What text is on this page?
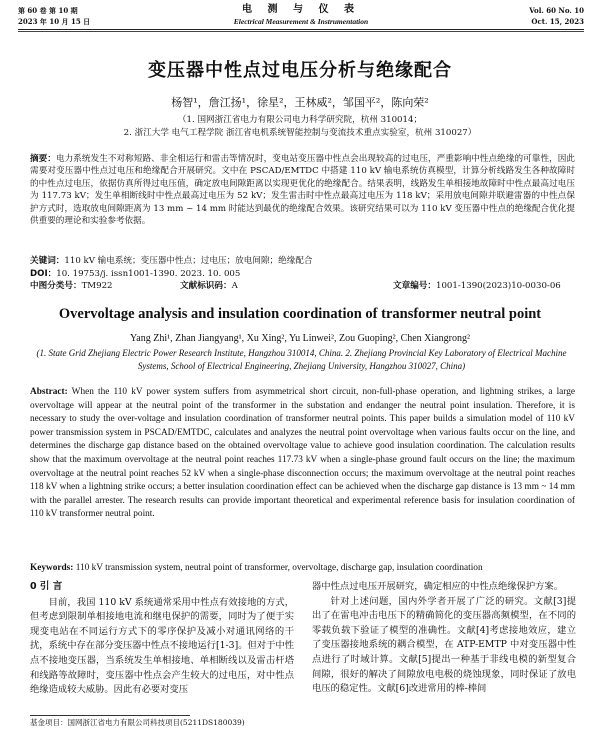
第 60 卷 第 10 期	电 测 与 仪 表	Vol. 60 No. 10
2023 年 10 月 15 日	Electrical Measurement & Instrumentation	Oct. 15, 2023
变压器中性点过电压分析与绝缘配合
杨智¹，詹江扬¹，徐星²，王林威²，邹国平²，陈向荣²
（1. 国网浙江省电力有限公司电力科学研究院，杭州 310014；
2. 浙江大学 电气工程学院 浙江省电机系统智能控制与变流技术重点实验室，杭州 310027）
摘要：电力系统发生不对称短路、非全相运行和雷击等情况时，变电站变压器中性点会出现较高的过电压，严重影响中性点绝缘的可靠性，因此需要对变压器中性点过电压和绝缘配合开展研究。文中在 PSCAD/EMTDC 中搭建 110 kV 输电系统仿真模型，计算分析线路发生各种故障时的中性点过电压，依据仿真所得过电压值，确定放电间隙距离以实现更优化的绝缘配合。结果表明，线路发生单相接地故障时中性点最高过电压为 117.73 kV；发生单相断线时中性点最高过电压为 52 kV；发生雷击时中性点最高过电压为 118 kV；采用放电间隙并联避雷器的中性点保护方式时，选取放电间隙距离为 13 mm ~ 14 mm 时能达到最优的绝缘配合效果。该研究结果可以为 110 kV 变压器中性点的绝缘配合优化提供重要的理论和实验参考依据。
关键词：110 kV 输电系统；变压器中性点；过电压；放电间隙；绝缘配合
DOI：10. 19753/j. issn1001-1390. 2023. 10. 005
中图分类号：TM922	文献标识码：A	文章编号：1001-1390(2023)10-0030-06
Overvoltage analysis and insulation coordination of transformer neutral point
Yang Zhi¹, Zhan Jiangyang¹, Xu Xing², Yu Linwei², Zou Guoping², Chen Xiangrong²
(1. State Grid Zhejiang Electric Power Research Institute, Hangzhou 310014, China. 2. Zhejiang Provincial Key Laboratory of Electrical Machine Systems, School of Electrical Engineering, Zhejiang University, Hangzhou 310027, China)
Abstract: When the 110 kV power system suffers from asymmetrical short circuit, non-full-phase operation, and lightning strikes, a large overvoltage will appear at the neutral point of the transformer in the substation and endanger the neutral point insulation. Therefore, it is necessary to study the over-voltage and insulation coordination of transformer neutral points. This paper builds a simulation model of 110 kV power transmission system in PSCAD/EMTDC, calculates and analyzes the neutral point overvoltage when various faults occur on the line, and determines the discharge gap distance based on the obtained overvoltage value to achieve good insulation coordination. The calculation results show that the maximum overvoltage at the neutral point reaches 117.73 kV when a single-phase ground fault occurs on the line; the maximum overvoltage at the neutral point reaches 52 kV when a single-phase disconnection occurs; the maximum overvoltage at the neutral point reaches 118 kV when a lightning strike occurs; a better insulation coordination effect can be achieved when the discharge gap distance is 13 mm ~ 14 mm with the parallel arrester. The research results can provide important theoretical and experimental reference basis for insulation coordination of 110 kV transformer neutral point.
Keywords: 110 kV transmission system, neutral point of transformer, overvoltage, discharge gap, insulation coordination
0 引 言

目前，我国 110 kV 系统通常采用中性点有效接地的方式，但考虑到限制单相接地电流和继电保护的需要，同时为了便于实现变电站在不同运行方式下的零序保护及减小对通讯网络的干扰，系统中存在部分变压器中性点不接地运行[1-3]。但对于中性点不接地变压器，当系统发生单相接地、单相断线以及雷击杆塔和线路等故障时，变压器中性点会产生较大的过电压，对中性点绝缘造成较大威胁。因此有必要对变压

器中性点过电压开展研究，确定相应的中性点绝缘保护方案。

针对上述问题，国内外学者开展了广泛的研究。文献[3]提出了在雷电冲击电压下的精确简化的变压器高频模型，在不同的零载负载下验证了模型的准确性。文献[4]考虑接地效应，建立了变压器接地系统的耦合模型，在 ATP-EMTP 中对变压器中性点进行了时域计算。文献[5]提出一种基于非线电模的新型复合间隙，很好的解决了间隙放电电极的烧蚀现象，同时保证了放电电压的稳定性。文献[6]改进常用的棒-棒间

基金项目：国网浙江省电力有限公司科技项目(5211DS180039)
